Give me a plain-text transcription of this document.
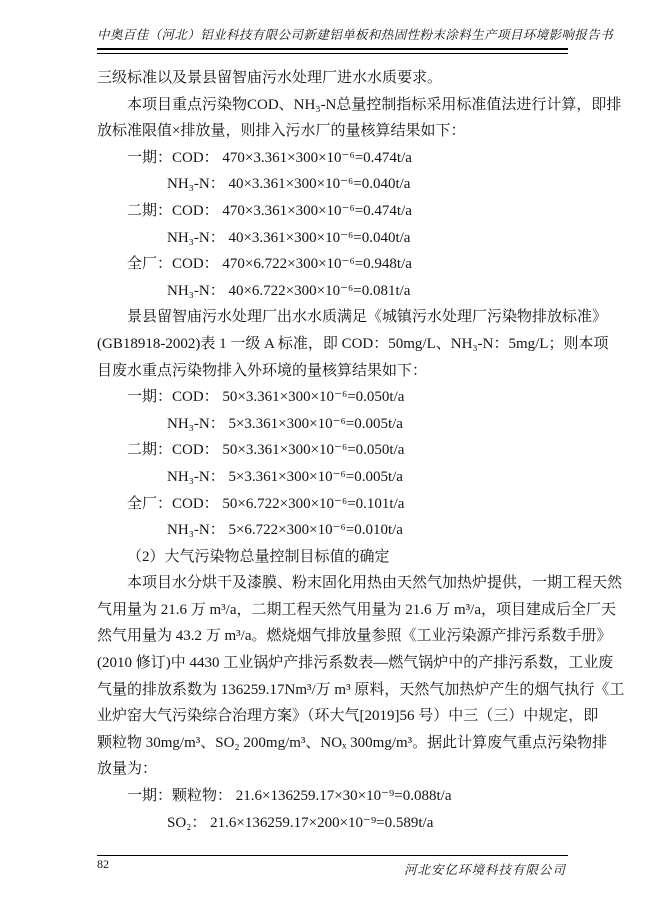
中奥百佳（河北）铝业科技有限公司新建铝单板和热固性粉末涂料生产项目环境影响报告书
三级标准以及景县留智庙污水处理厂进水水质要求。
本项目重点污染物COD、NH₃-N总量控制指标采用标准值法进行计算，即排
放标准限值×排放量，则排入污水厂的量核算结果如下：
一期：COD： 470×3.361×300×10⁻⁶=0.474t/a
NH₃-N： 40×3.361×300×10⁻⁶=0.040t/a
二期：COD： 470×3.361×300×10⁻⁶=0.474t/a
NH₃-N： 40×3.361×300×10⁻⁶=0.040t/a
全厂：COD： 470×6.722×300×10⁻⁶=0.948t/a
NH₃-N： 40×6.722×300×10⁻⁶=0.081t/a
景县留智庙污水处理厂出水水质满足《城镇污水处理厂污染物排放标准》
(GB18918-2002)表 1 一级 A 标准，即 COD：50mg/L、NH₃-N：5mg/L；则本项
目废水重点污染物排入外环境的量核算结果如下：
一期：COD： 50×3.361×300×10⁻⁶=0.050t/a
NH₃-N： 5×3.361×300×10⁻⁶=0.005t/a
二期：COD： 50×3.361×300×10⁻⁶=0.050t/a
NH₃-N： 5×3.361×300×10⁻⁶=0.005t/a
全厂：COD： 50×6.722×300×10⁻⁶=0.101t/a
NH₃-N： 5×6.722×300×10⁻⁶=0.010t/a
（2）大气污染物总量控制目标值的确定
本项目水分烘干及漆膜、粉末固化用热由天然气加热炉提供，一期工程天然
气用量为 21.6 万 m³/a，二期工程天然气用量为 21.6 万 m³/a，项目建成后全厂天
然气用量为 43.2 万 m³/a。燃烧烟气排放量参照《工业污染源产排污系数手册》
(2010 修订)中 4430 工业锅炉产排污系数表—燃气锅炉中的产排污系数，工业废
气量的排放系数为 136259.17Nm³/万 m³ 原料，天然气加热炉产生的烟气执行《工
业炉窑大气污染综合治理方案》（环大气[2019]56 号）中三（三）中规定，即
颗粒物 30mg/m³、SO₂ 200mg/m³、NOₓ 300mg/m³。据此计算废气重点污染物排
放量为：
一期：颗粒物： 21.6×136259.17×30×10⁻⁹=0.088t/a
SO₂： 21.6×136259.17×200×10⁻⁹=0.589t/a
82	河北安亿环境科技有限公司
